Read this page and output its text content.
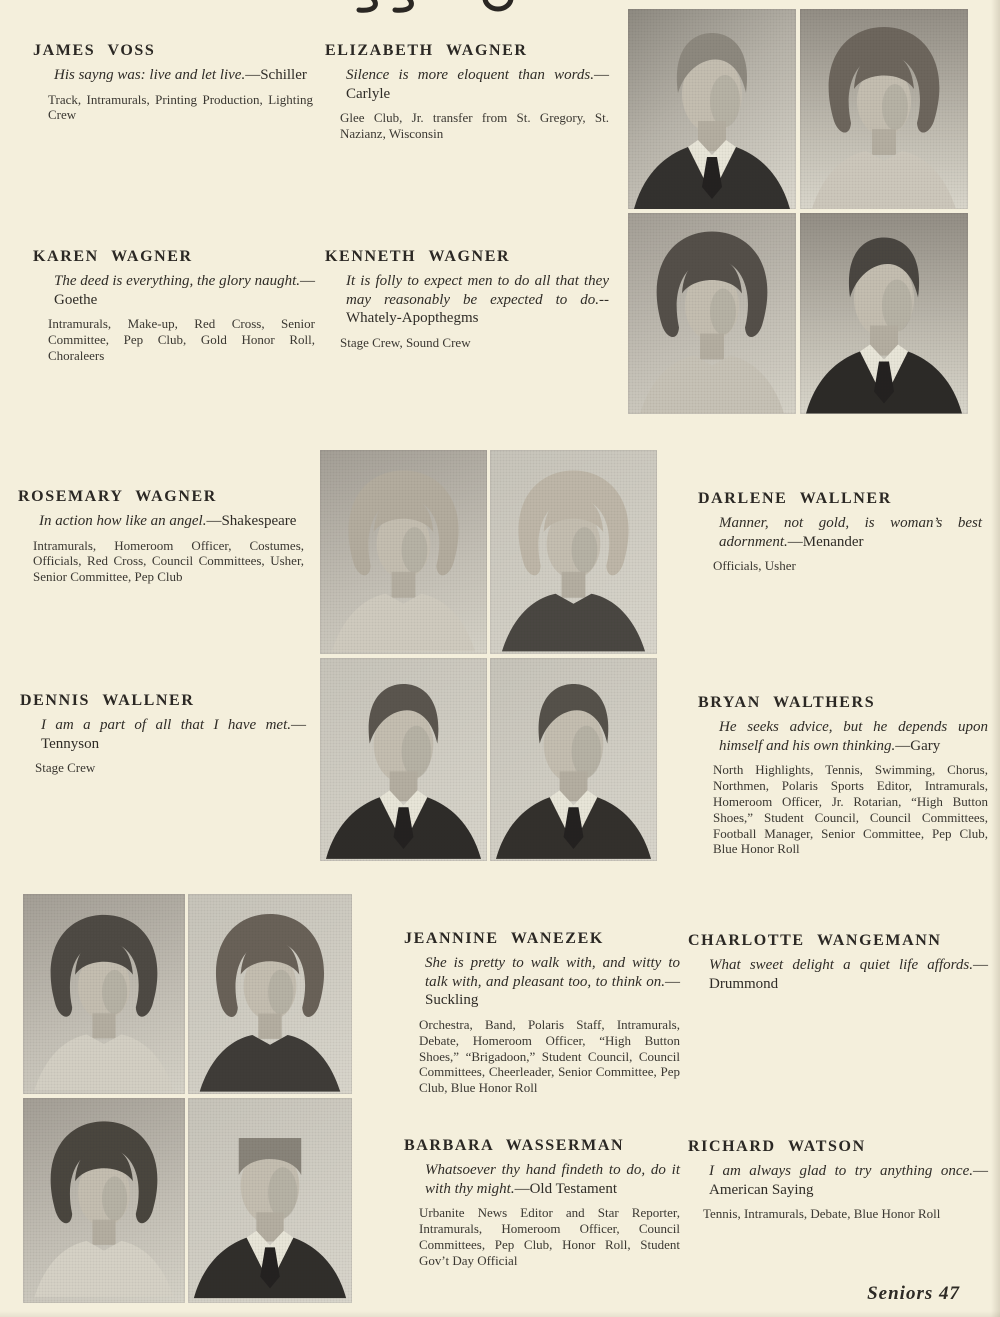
JAMES VOSS

His sayng was: live and let live.—Schiller

Track, Intramurals, Printing Production, Lighting Crew

ELIZABETH WAGNER

Silence is more eloquent than words.—Carlyle

Glee Club, Jr. transfer from St. Gregory, St. Nazianz, Wisconsin

KAREN WAGNER

The deed is everything, the glory naught.—Goethe

Intramurals, Make-up, Red Cross, Senior Committee, Pep Club, Gold Honor Roll, Choraleers

KENNETH WAGNER

It is folly to expect men to do all that they may reasonably be expected to do.--Whately-Apopthegms

Stage Crew, Sound Crew

ROSEMARY WAGNER

In action how like an angel.—Shakespeare

Intramurals, Homeroom Officer, Costumes, Officials, Red Cross, Council Committees, Usher, Senior Committee, Pep Club

DARLENE WALLNER

Manner, not gold, is woman’s best adornment.—Menander

Officials, Usher

DENNIS WALLNER

I am a part of all that I have met.—Tennyson

Stage Crew

BRYAN WALTHERS

He seeks advice, but he depends upon himself and his own thinking.—Gary

North Highlights, Tennis, Swimming, Chorus, Northmen, Polaris Sports Editor, Intramurals, Homeroom Officer, Jr. Rotarian, “High Button Shoes,” Student Council, Council Committees, Football Manager, Senior Committee, Pep Club, Blue Honor Roll

JEANNINE WANEZEK

She is pretty to walk with, and witty to talk with, and pleasant too, to think on.—Suckling

Orchestra, Band, Polaris Staff, Intramurals, Debate, Homeroom Officer, “High Button Shoes,” “Brigadoon,” Student Council, Council Committees, Cheerleader, Senior Committee, Pep Club, Blue Honor Roll

CHARLOTTE WANGEMANN

What sweet delight a quiet life affords.—Drummond

BARBARA WASSERMAN

Whatsoever thy hand findeth to do, do it with thy might.—Old Testament

Urbanite News Editor and Star Reporter, Intramurals, Homeroom Officer, Council Committees, Pep Club, Honor Roll, Student Gov’t Day Official

RICHARD WATSON

I am always glad to try anything once.—American Saying

Tennis, Intramurals, Debate, Blue Honor Roll

Seniors 47
